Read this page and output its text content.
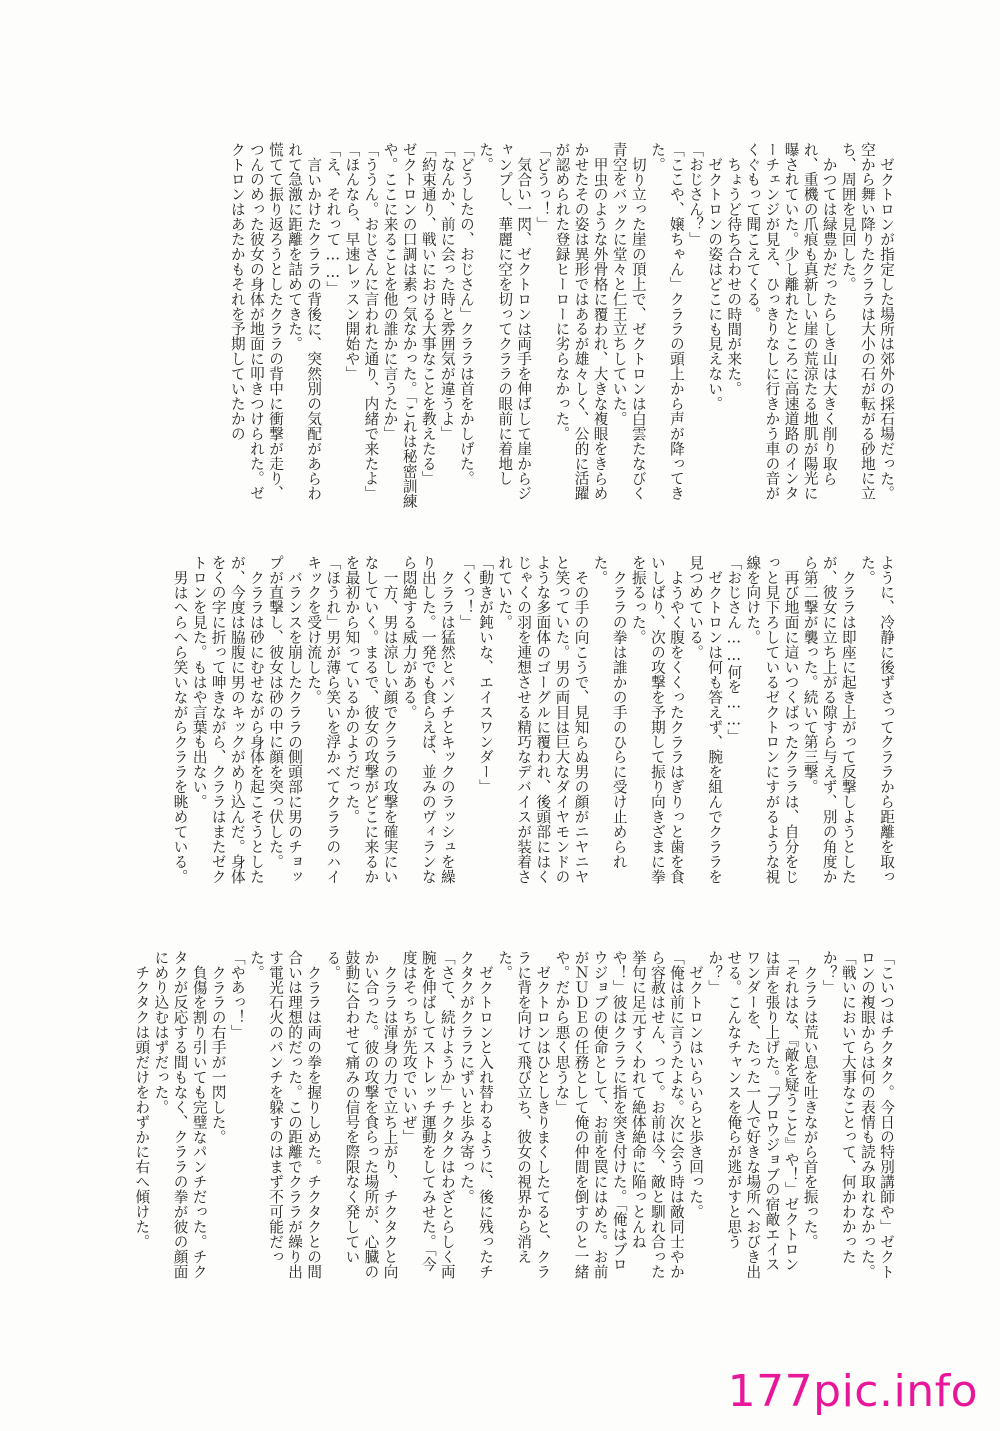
ゼクトロンが指定した場所は郊外の採石場だった。空から舞い降りたクララは大小の石が転がる砂地に立ち、周囲を見回した。

かつては緑豊かだったらしき山は大きく削り取られ、重機の爪痕も真新しい崖の荒涼たる地肌が陽光に曝されていた。少し離れたところに高速道路のインターチェンジが見え、ひっきりなしに行きかう車の音がくぐもって聞こえてくる。

ちょうど待ち合わせの時間が来た。

ゼクトロンの姿はどこにも見えない。

「おじさん？」

「ここや、嬢ちゃん」クララの頭上から声が降ってきた。

切り立った崖の頂上で、ゼクトロンは白雲たなびく青空をバックに堂々と仁王立ちしていた。

甲虫のような外骨格に覆われ、大きな複眼をきらめかせたその姿は異形ではあるが雄々しく、公的に活躍が認められた登録ヒーローに劣らなかった。

「どうっ！」

気合い一閃、ゼクトロンは両手を伸ばして崖からジャンプし、華麗に空を切ってクララの眼前に着地した。

「どうしたの、おじさん」クララは首をかしげた。

「なんか、前に会った時と雰囲気が違うよ」

「約束通り、戦いにおける大事なことを教えたる」

ゼクトロンの口調は素っ気なかった。「これは秘密訓練や。ここに来ることを他の誰かに言うたか」

「ううん。おじさんに言われた通り、内緒で来たよ」

「ほんなら、早速レッスン開始や」

「え、それって……」

言いかけたクララの背後に、突然別の気配があらわれて急激に距離を詰めてきた。

慌てて振り返ろうとしたクララの背中に衝撃が走り、つんのめった彼女の身体が地面に叩きつけられた。ゼクトロンはあたかもそれを予期していたかの

ように、冷静に後ずさってクララから距離を取った。

クララは即座に起き上がって反撃しようとしたが、彼女に立ち上がる隙すら与えず、別の角度から第二撃が襲った。続いて第三撃。

再び地面に這いつくばったクララは、自分をじっと見下ろしているゼクトロンにすがるような視線を向けた。

「おじさん……何を……」

ゼクトロンは何も答えず、腕を組んでクララを見つめている。

ようやく腹をくくったクララはぎりっと歯を食いしばり、次の攻撃を予期して振り向きざまに拳を振るった。

クララの拳は誰かの手のひらに受け止められた。

その手の向こうで、見知らぬ男の顔がニヤニヤと笑っていた。男の両目は巨大なダイヤモンドのような多面体のゴーグルに覆われ、後頭部にはくじゃくの羽を連想させる精巧なデバイスが装着されていた。

「動きが鈍いな、エイスワンダー」

「くっ！」

クララは猛然とパンチとキックのラッシュを繰り出した。一発でも食らえば、並みのヴィランなら悶絶する威力がある。

一方、男は涼しい顔でクララの攻撃を確実にいなしていく。まるで、彼女の攻撃がどこに来るかを最初から知っているかのようだった。

「ほうれ」男が薄ら笑いを浮かべてクララのハイキックを受け流した。

バランスを崩したクララの側頭部に男のチョップが直撃し、彼女は砂の中に顔を突っ伏した。

クララは砂にむせながら身体を起こそうとしたが、今度は脇腹に男のキックがめり込んだ。身体をくの字に折って呻きながら、クララはまたゼクトロンを見た。もはや言葉も出ない。

男はへらへら笑いながらクララを眺めている。

「こいつはチクタク。今日の特別講師や」ゼクトロンの複眼からは何の表情も読み取れなかった。「戦いにおいて大事なことって、何かわかったか？」

クララは荒い息を吐きながら首を振った。

「それはな、『敵を疑うこと』や！」ゼクトロンは声を張り上げた。「ブロウジョブの宿敵エイスワンダーを、たった一人で好きな場所へおびき出せる。こんなチャンスを俺らが逃がすと思うか？」

ゼクトロンはいらいらと歩き回った。

「俺は前に言うたよな。次に会う時は敵同士やから容赦はせん、って。お前は今、敵と馴れ合った挙句に足元すくわれて絶体絶命に陥っとんねや！」彼はクララに指を突き付けた。「俺はブロウジョブの使命として、お前を罠にはめた。お前がＮＵＤＥの任務として俺の仲間を倒すのと一緒や。だから悪く思うな」

ゼクトロンはひとしきりまくしたてると、クララに背を向けて飛び立ち、彼女の視界から消えた。

ゼクトロンと入れ替わるように、後に残ったチクタクがクララにずいと歩み寄った。

「さて、続けようか」チクタクはわざとらしく両腕を伸ばしてストレッチ運動をしてみせた。「今度はそっちが先攻でいいぜ」

クララは渾身の力で立ち上がり、チクタクと向かい合った。彼の攻撃を食らった場所が、心臓の鼓動に合わせて痛みの信号を際限なく発している。

クララは両の拳を握りしめた。チクタクとの間合いは理想的だった。この距離でクララが繰り出す電光石火のパンチを躱すのはまず不可能だった。

「やあっ！」

クララの右手が一閃した。

負傷を割り引いても完璧なパンチだった。チクタクが反応する間もなく、クララの拳が彼の顔面にめり込むはずだった。

チクタクは頭だけをわずかに右へ傾けた。

177pic.info
